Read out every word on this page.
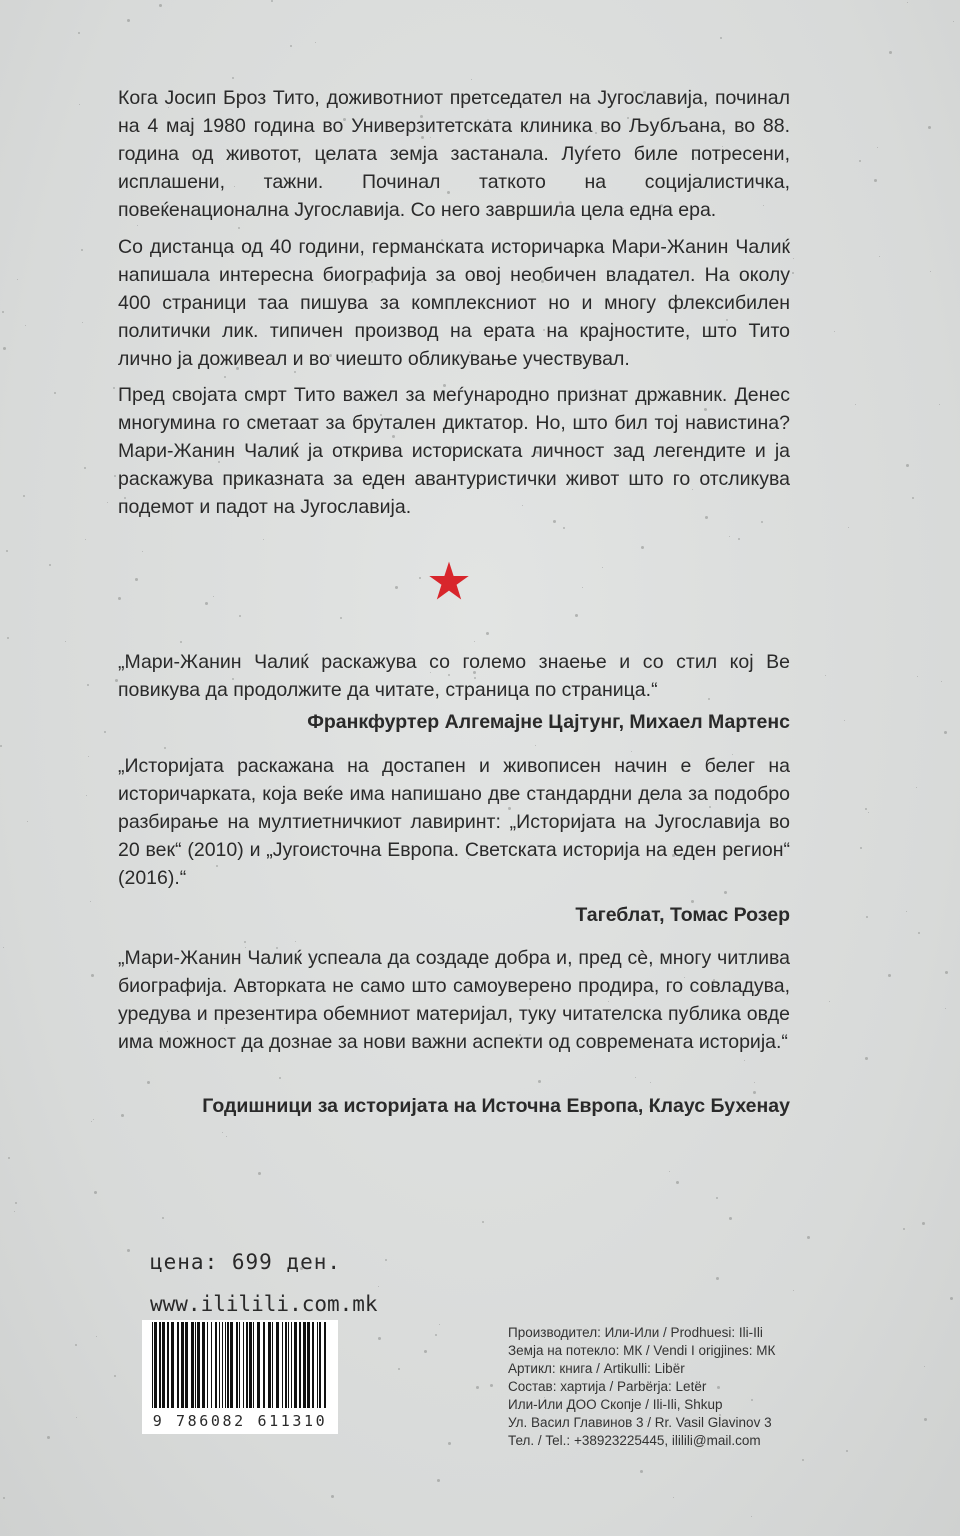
Кога Јосип Броз Тито, доживотниот претседател на Југославија, починал на 4 мај 1980 година во Универзитетската клиника во Љубљана, во 88. година од животот, целата земја застанала. Луѓето биле потресени, исплашени, тажни. Починал таткото на социјалистичка, повеќенационална Југославија. Со него завршила цела една ера.

Со дистанца од 40 години, германската историчарка Мари-Жанин Чалиќ напишала интересна биографија за овој необичен владател. На околу 400 страници таа пишува за комплексниот но и многу флексибилен политички лик. типичен производ на ерата на крајностите, што Тито лично ја доживеал и во чиешто обликување учествувал.

Пред својата смрт Тито важел за меѓународно признат државник. Денес многумина го сметаат за брутален диктатор. Но, што бил тој навистина? Мари-Жанин Чалиќ ја открива историската личност зад легендите и ја раскажува приказната за еден авантуристички живот што го отсликува подемот и падот на Југославија.

„Мари-Жанин Чалиќ раскажува со големо знаење и со стил кој Ве повикува да продолжите да читате, страница по страница.“

Франкфуртер Алгемајне Цајтунг, Михаел Мартенс

„Историјата раскажана на достапен и живописен начин е белег на историчарката, која веќе има напишано две стандардни дела за подобро разбирање на мултиетничкиот лавиринт: „Историјата на Југославија во 20 век“ (2010) и „Југоисточна Европа. Светската историја на еден регион“ (2016).“

Тагеблат, Томас Розер

„Мари-Жанин Чалиќ успеала да создаде добра и, пред сè, многу читлива биографија. Авторката не само што самоуверено продира, го совладува, уредува и презентира обемниот материјал, туку читателска публика овде има можност да дознае за нови важни аспекти од современата историја.“

Годишници за историјата на Источна Европа, Клаус Бухенау
цена: 699 ден.
www.ililili.com.mk
9 786082 611310
Производител: Или-Или / Prodhuesi: Ili-Ili
Земја на потекло: МК / Vendi I origjines: МК
Артикл: книга / Artikulli: Libër
Состав: хартија / Parbërja: Letër
Или-Или ДОО Скопје / Ili-Ili, Shkup
Ул. Васил Главинов 3 / Rr. Vasil Glavinov 3
Тел. / Tel.: +38923225445, ililili@mail.com
